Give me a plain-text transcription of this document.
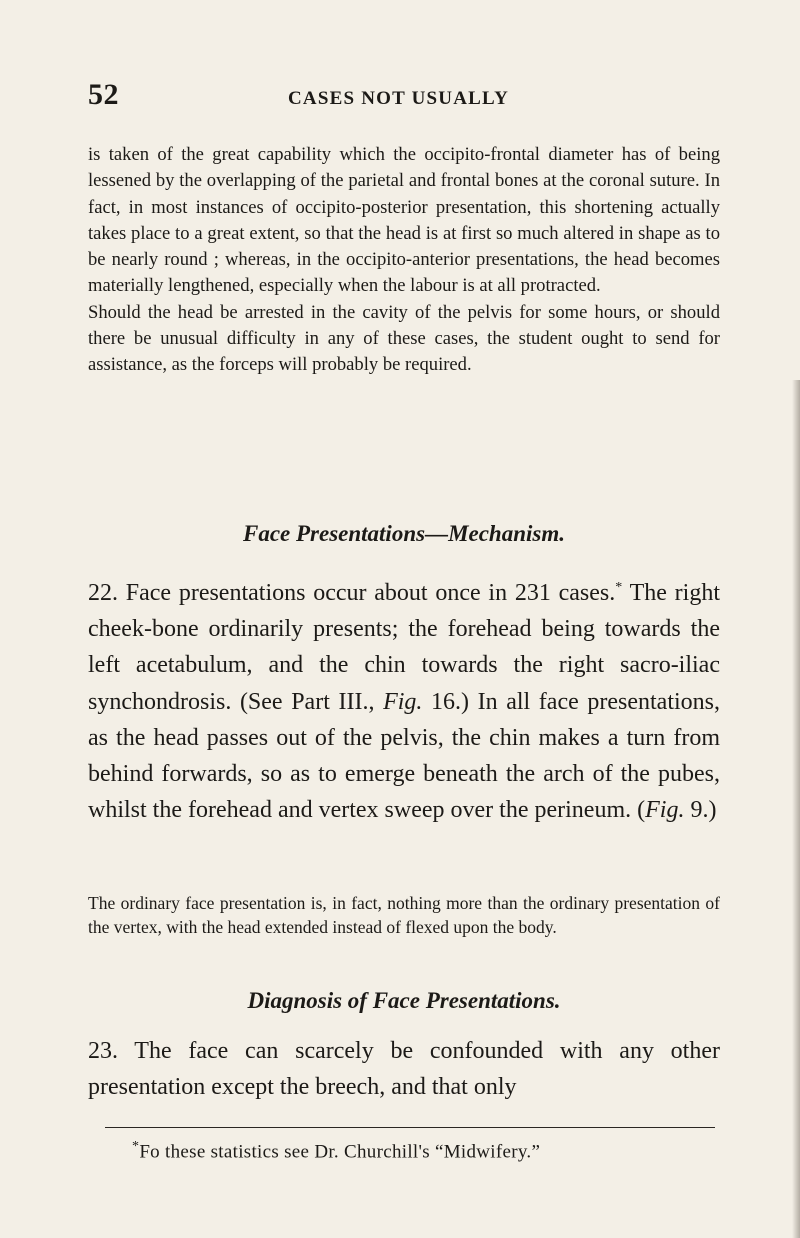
52	CASES NOT USUALLY

is taken of the great capability which the occipito-frontal diameter has of being lessened by the overlapping of the parietal and frontal bones at the coronal suture. In fact, in most instances of occipito-posterior presentation, this shortening actually takes place to a great extent, so that the head is at first so much altered in shape as to be nearly round ; whereas, in the occipito-anterior presentations, the head becomes materially lengthened, especially when the labour is at all protracted.
Should the head be arrested in the cavity of the pelvis for some hours, or should there be unusual difficulty in any of these cases, the student ought to send for assistance, as the forceps will probably be required.

Face Presentations—Mechanism.

22. Face presentations occur about once in 231 cases.* The right cheek-bone ordinarily presents; the forehead being towards the left acetabulum, and the chin towards the right sacro-iliac synchondrosis. (See Part III., Fig. 16.) In all face presentations, as the head passes out of the pelvis, the chin makes a turn from behind forwards, so as to emerge beneath the arch of the pubes, whilst the forehead and vertex sweep over the perineum. (Fig. 9.)

The ordinary face presentation is, in fact, nothing more than the ordinary presentation of the vertex, with the head extended instead of flexed upon the body.

Diagnosis of Face Presentations.

23. The face can scarcely be confounded with any other presentation except the breech, and that only

*Fo these statistics see Dr. Churchill's “Midwifery.”
